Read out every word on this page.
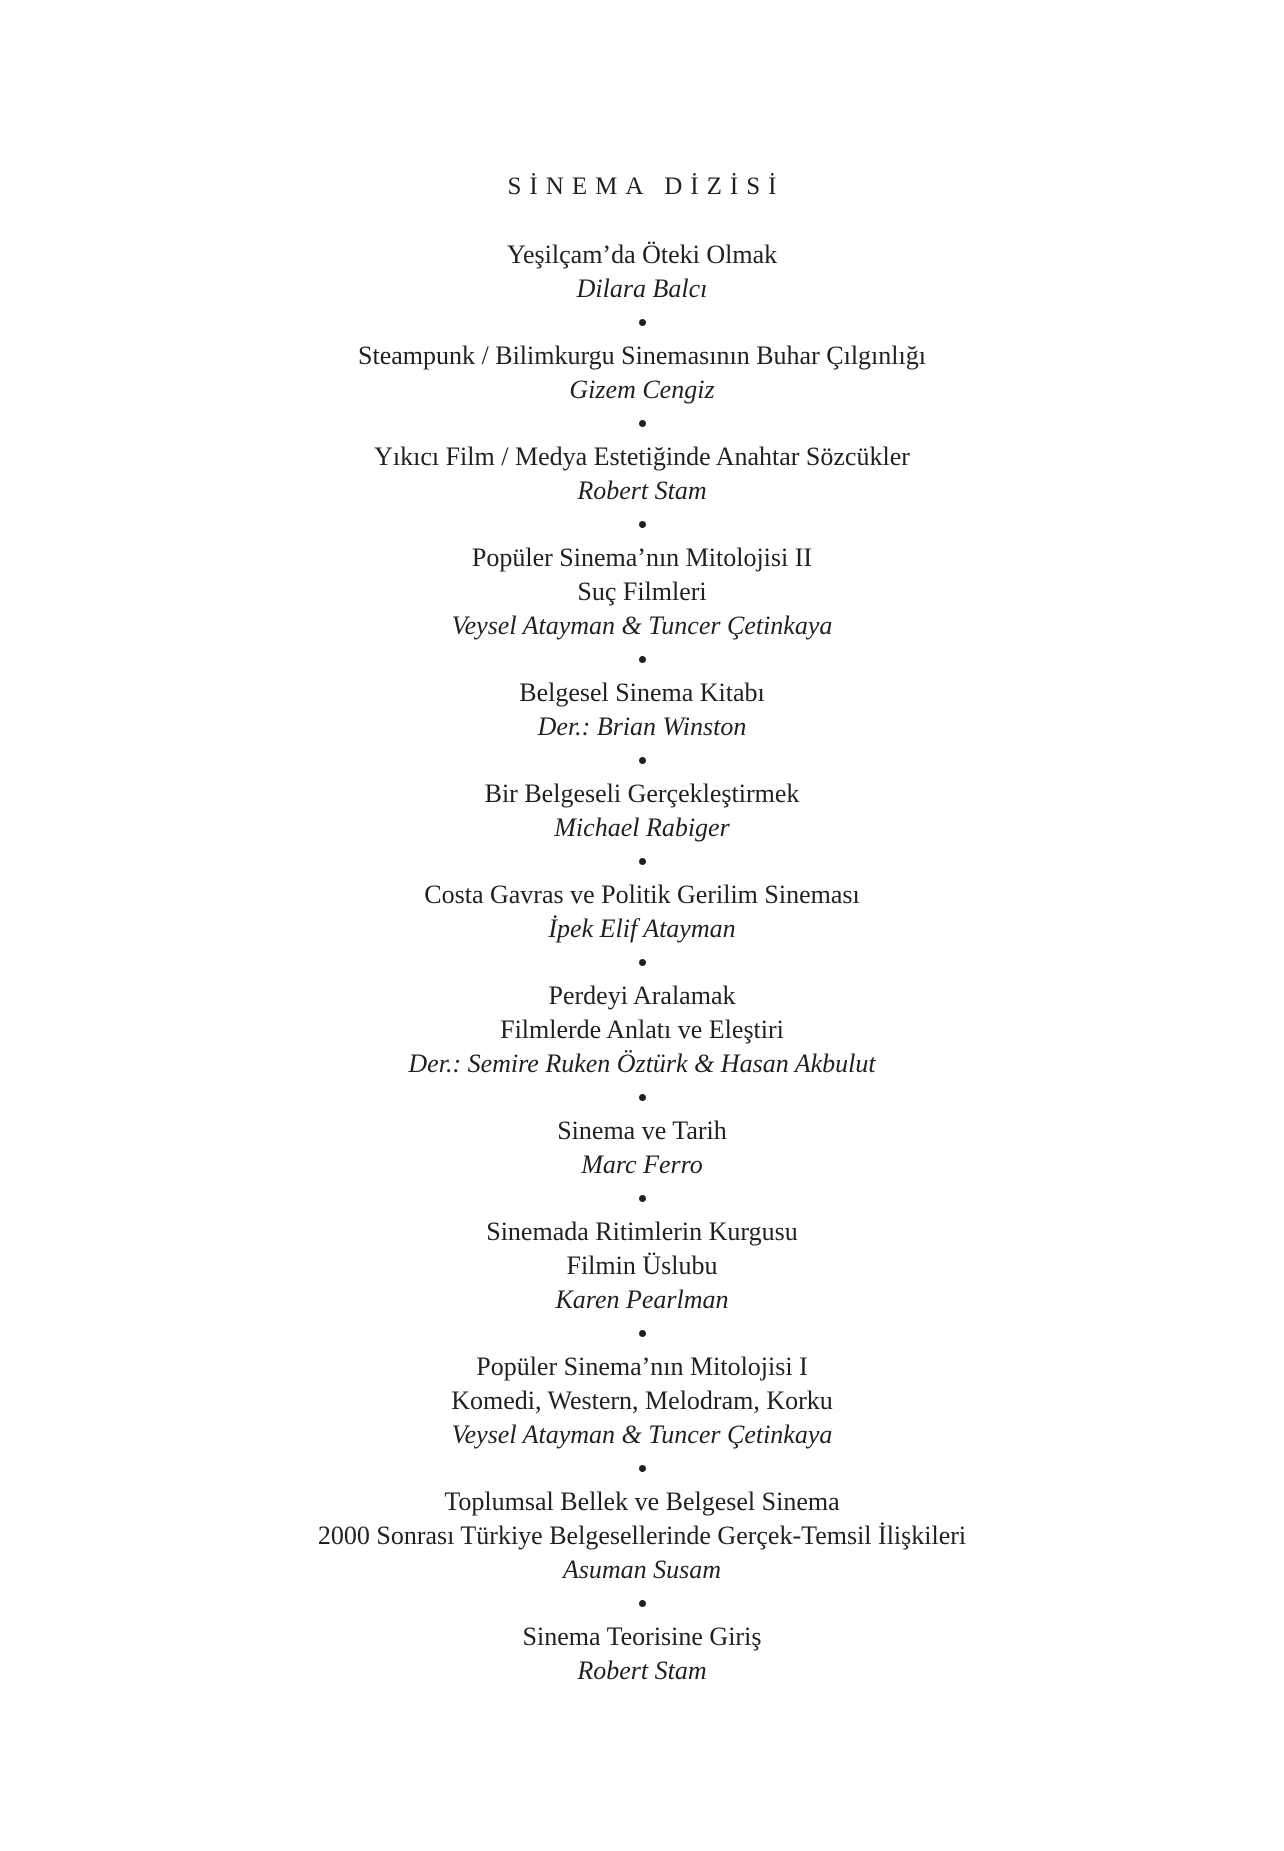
SİNEMA DİZİSİ
Yeşilçam’da Öteki Olmak
Dilara Balcı
Steampunk / Bilimkurgu Sinemasının Buhar Çılgınlığı
Gizem Cengiz
Yıkıcı Film / Medya Estetiğinde Anahtar Sözcükler
Robert Stam
Popüler Sinema’nın Mitolojisi II
Suç Filmleri
Veysel Atayman & Tuncer Çetinkaya
Belgesel Sinema Kitabı
Der.: Brian Winston
Bir Belgeseli Gerçekleştirmek
Michael Rabiger
Costa Gavras ve Politik Gerilim Sineması
İpek Elif Atayman
Perdeyi Aralamak
Filmlerde Anlatı ve Eleştiri
Der.: Semire Ruken Öztürk & Hasan Akbulut
Sinema ve Tarih
Marc Ferro
Sinemada Ritimlerin Kurgusu
Filmin Üslubu
Karen Pearlman
Popüler Sinema’nın Mitolojisi I
Komedi, Western, Melodram, Korku
Veysel Atayman & Tuncer Çetinkaya
Toplumsal Bellek ve Belgesel Sinema
2000 Sonrası Türkiye Belgesellerinde Gerçek-Temsil İlişkileri
Asuman Susam
Sinema Teorisine Giriş
Robert Stam
